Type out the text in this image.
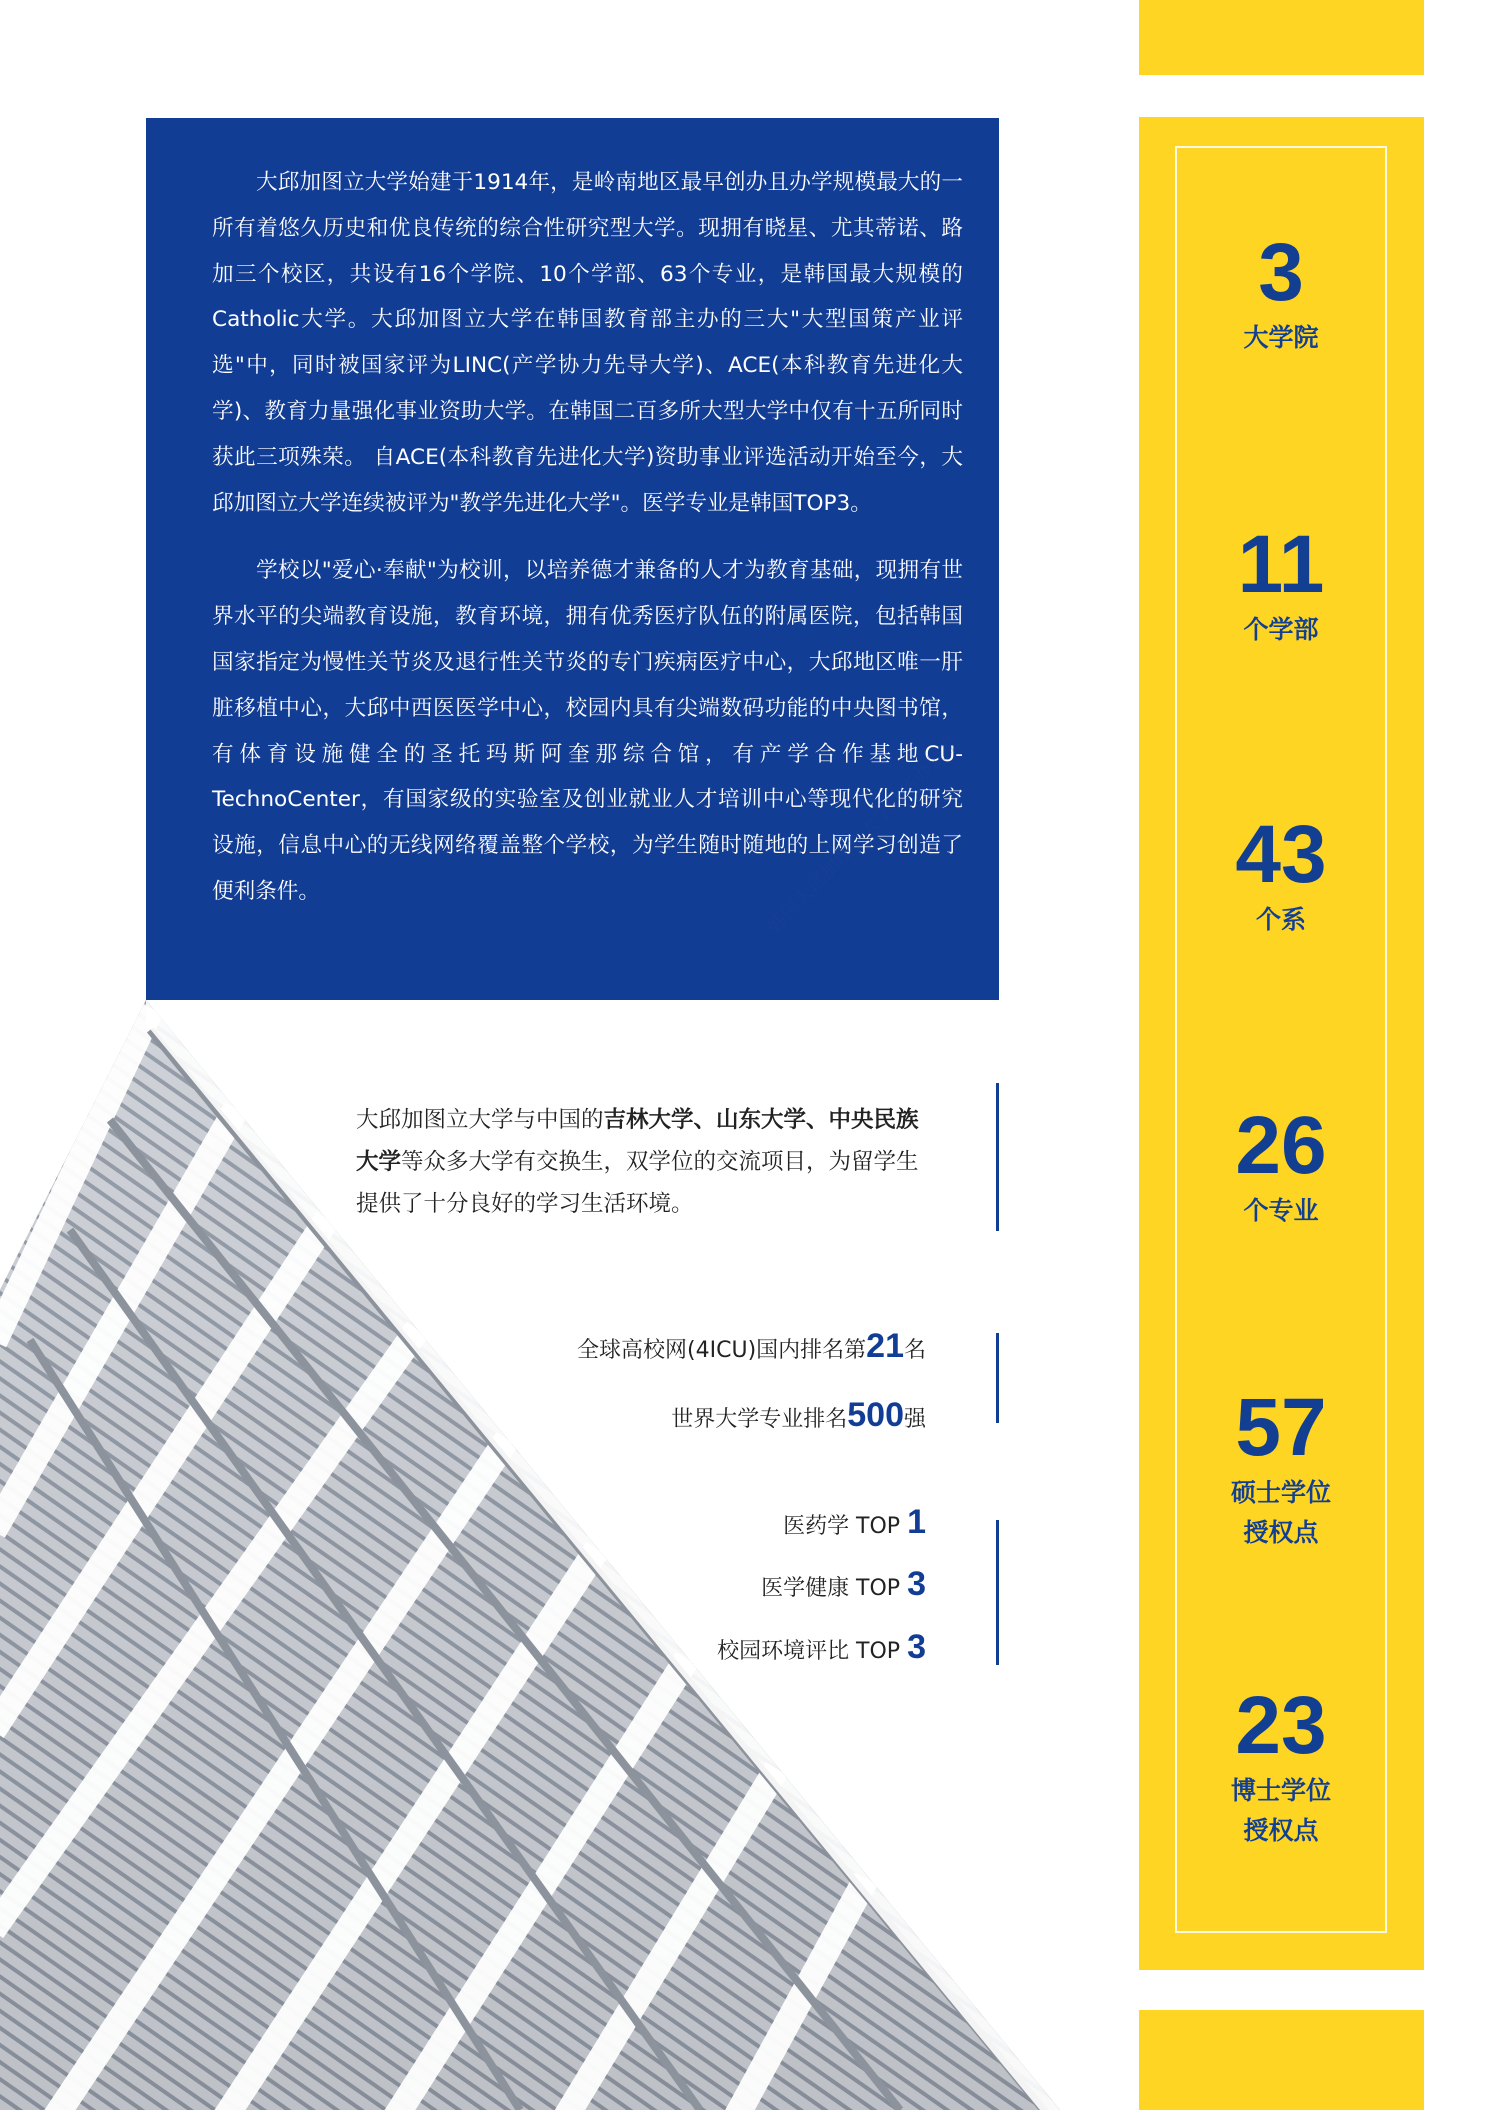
3
大学院
11
个学部
43
个系
26
个专业
57
硕士学位
授权点
23
博士学位
授权点

大邱加图立大学始建于1914年，是岭南地区最早创办且办学规模最大的一所有着悠久历史和优良传统的综合性研究型大学。现拥有晓星、尤其蒂诺、路加三个校区，共设有16个学院、10个学部、63个专业，是韩国最大规模的　Catholic大学。大邱加图立大学在韩国教育部主办的三大"大型国策产业评选"中，同时被国家评为LINC(产学协力先导大学)、ACE(本科教育先进化大学)、教育力量强化事业资助大学。在韩国二百多所大型大学中仅有十五所同时获此三项殊荣。 自ACE(本科教育先进化大学)资助事业评选活动开始至今，大邱加图立大学连续被评为"教学先进化大学"。医学专业是韩国TOP3。

学校以"爱心·奉献"为校训，以培养德才兼备的人才为教育基础，现拥有世界水平的尖端教育设施，教育环境，拥有优秀医疗队伍的附属医院，包括韩国国家指定为慢性关节炎及退行性关节炎的专门疾病医疗中心，大邱地区唯一肝脏移植中心，大邱中西医医学中心，校园内具有尖端数码功能的中央图书馆，有体育设施健全的圣托玛斯阿奎那综合馆，有产学合作基地CU-TechnoCenter，有国家级的实验室及创业就业人才培训中心等现代化的研究设施，信息中心的无线网络覆盖整个学校，为学生随时随地的上网学习创造了便利条件。

大邱加图立大学与中国的吉林大学、山东大学、中央民族大学等众多大学有交换生，双学位的交流项目，为留学生提供了十分良好的学习生活环境。
全球高校网(4ICU)国内排名第21名
世界大学专业排名500强
医药学 TOP 1
医学健康 TOP 3
校园环境评比 TOP 3
韩国大邱加图立大学驻华办公室
